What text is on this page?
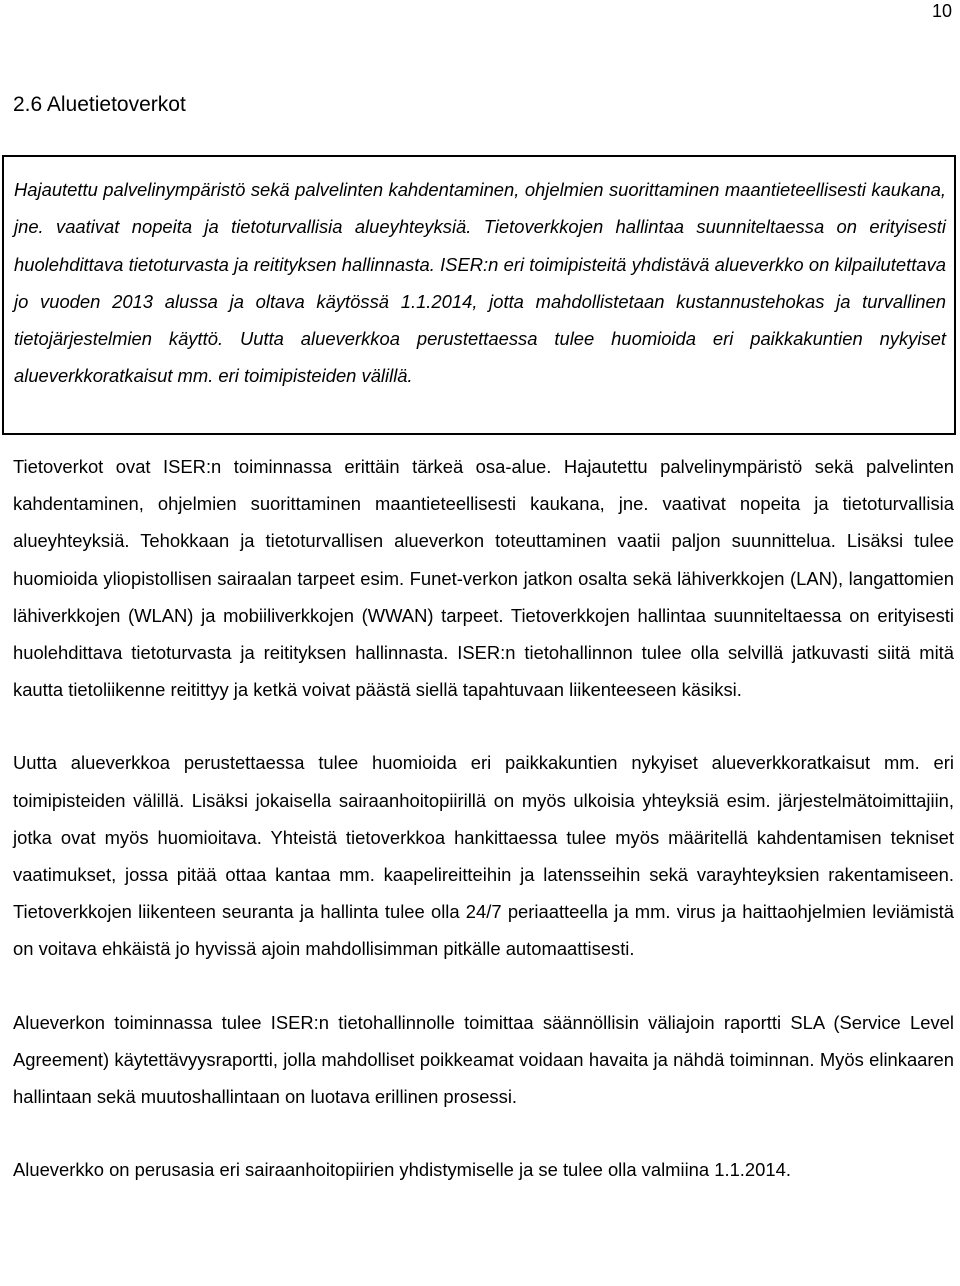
10
2.6 Aluetietoverkot

Hajautettu palvelinympäristö sekä palvelinten kahdentaminen, ohjelmien suorittaminen maantieteellisesti kaukana, jne. vaativat nopeita ja tietoturvallisia alueyhteyksiä. Tietoverkkojen hallintaa suunniteltaessa on erityisesti huolehdittava tietoturvasta ja reitityksen hallinnasta. ISER:n eri toimipisteitä yhdistävä alueverkko on kilpailutettava jo vuoden 2013 alussa ja oltava käytössä 1.1.2014, jotta mahdollistetaan kustannustehokas ja turvallinen tietojärjestelmien käyttö. Uutta alueverkkoa perustettaessa tulee huomioida eri paikkakuntien nykyiset alueverkkoratkaisut mm. eri toimipisteiden välillä.

Tietoverkot ovat ISER:n toiminnassa erittäin tärkeä osa-alue. Hajautettu palvelinympäristö sekä palvelinten kahdentaminen, ohjelmien suorittaminen maantieteellisesti kaukana, jne. vaativat nopeita ja tietoturvallisia alueyhteyksiä. Tehokkaan ja tietoturvallisen alueverkon toteuttaminen vaatii paljon suunnittelua. Lisäksi tulee huomioida yliopistollisen sairaalan tarpeet esim. Funet-verkon jatkon osalta sekä lähiverkkojen (LAN), langattomien lähiverkkojen (WLAN) ja mobiiliverkkojen (WWAN) tarpeet. Tietoverkkojen hallintaa suunniteltaessa on erityisesti huolehdittava tietoturvasta ja reitityksen hallinnasta. ISER:n tietohallinnon tulee olla selvillä jatkuvasti siitä mitä kautta tietoliikenne reitittyy ja ketkä voivat päästä siellä tapahtuvaan liikenteeseen käsiksi.

Uutta alueverkkoa perustettaessa tulee huomioida eri paikkakuntien nykyiset alueverkkoratkaisut mm. eri toimipisteiden välillä. Lisäksi jokaisella sairaanhoitopiirillä on myös ulkoisia yhteyksiä esim. järjestelmätoimittajiin, jotka ovat myös huomioitava. Yhteistä tietoverkkoa hankittaessa tulee myös määritellä kahdentamisen tekniset vaatimukset, jossa pitää ottaa kantaa mm. kaapelireitteihin ja latensseihin sekä varayhteyksien rakentamiseen. Tietoverkkojen liikenteen seuranta ja hallinta tulee olla 24/7 periaatteella ja mm. virus ja haittaohjelmien leviämistä on voitava ehkäistä jo hyvissä ajoin mahdollisimman pitkälle automaattisesti.

Alueverkon toiminnassa tulee ISER:n tietohallinnolle toimittaa säännöllisin väliajoin raportti SLA (Service Level Agreement) käytettävyysraportti, jolla mahdolliset poikkeamat voidaan havaita ja nähdä toiminnan. Myös elinkaaren hallintaan sekä muutoshallintaan on luotava erillinen prosessi.

Alueverkko on perusasia eri sairaanhoitopiirien yhdistymiselle ja se tulee olla valmiina 1.1.2014.
